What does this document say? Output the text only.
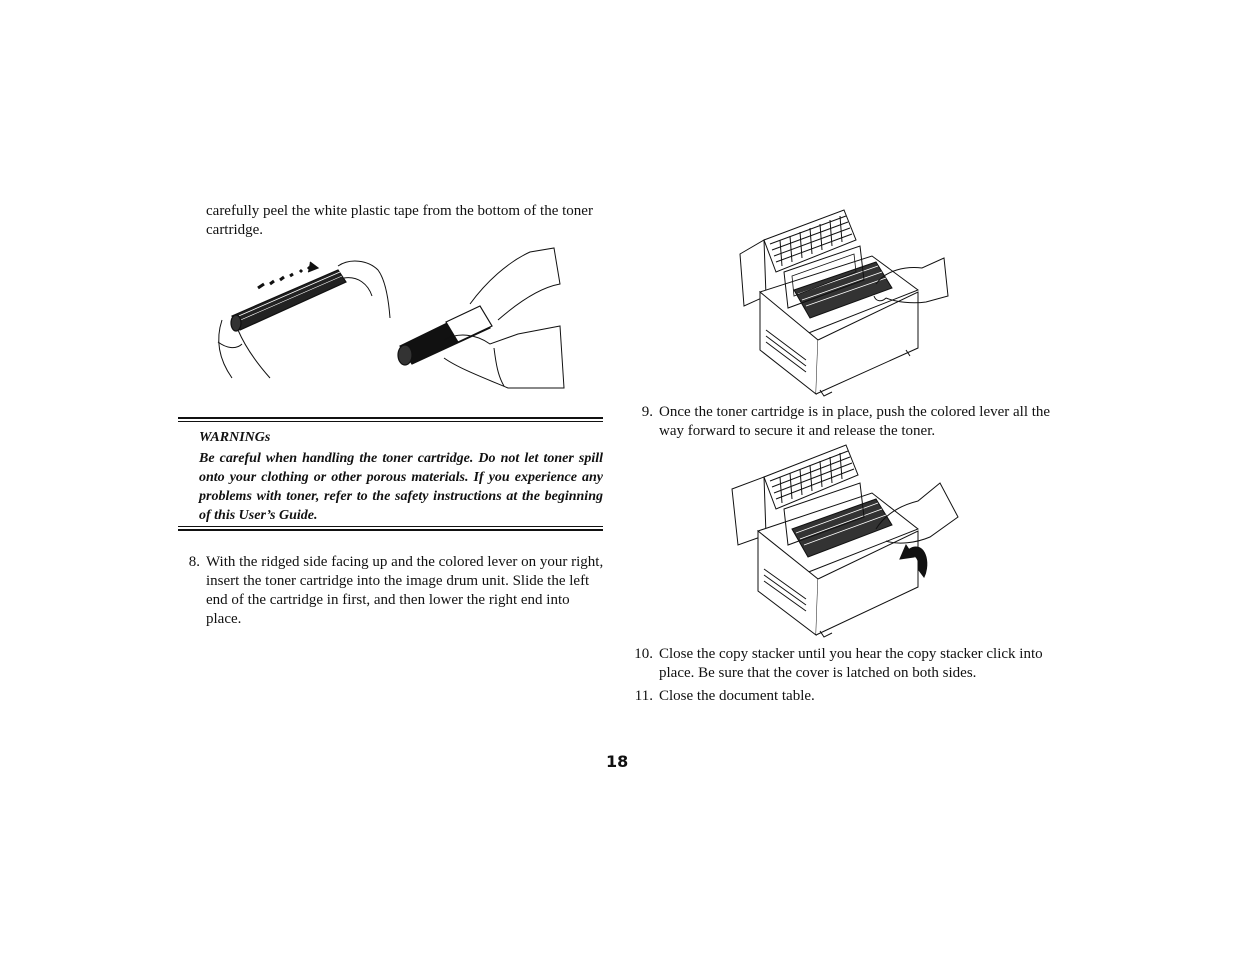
carefully peel the white plastic tape from the bottom of the toner cartridge.
WARNINGs
Be careful when handling the toner cartridge. Do not let toner spill onto your clothing or other porous materials. If you experience any problems with toner, refer to the safety instructions at the beginning of this User’s Guide.
8. With the ridged side facing up and the colored lever on your right, insert the toner cartridge into the image drum unit. Slide the left end of the cartridge in first, and then lower the right end into place.
9. Once the toner cartridge is in place, push the colored lever all the way forward to secure it and release the toner.
10. Close the copy stacker until you hear the copy stacker click into place. Be sure that the cover is latched on both sides.
11. Close the document table.
18
